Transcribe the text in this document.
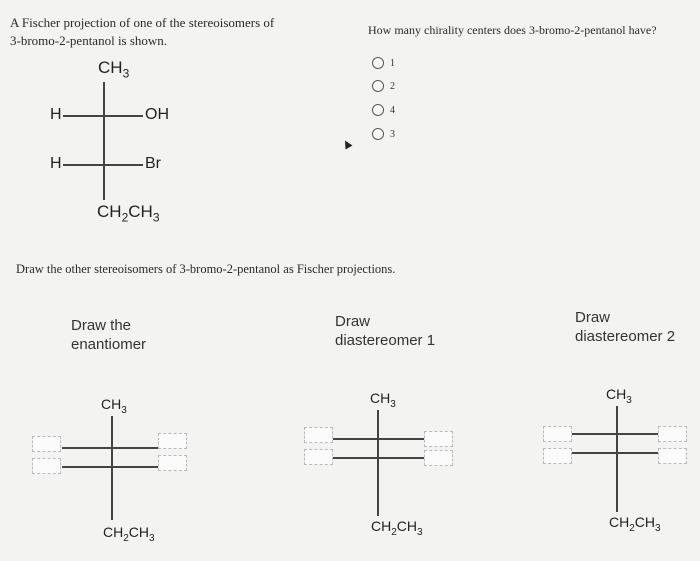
A Fischer projection of one of the stereoisomers of
3-bromo-2-pentanol is shown.
How many chirality centers does 3-bromo-2-pentanol have?
1
2
4
3
$CH_3$
H	OH
H	Br
$CH_2CH_3$
Draw the other stereoisomers of 3-bromo-2-pentanol as Fischer projections.
Draw the
enantiomer
$CH_3$
$CH_2CH_3$
Draw
diastereomer 1
$CH_3$
$CH_2CH_3$
Draw
diastereomer 2
$CH_3$
$CH_2CH_3$
